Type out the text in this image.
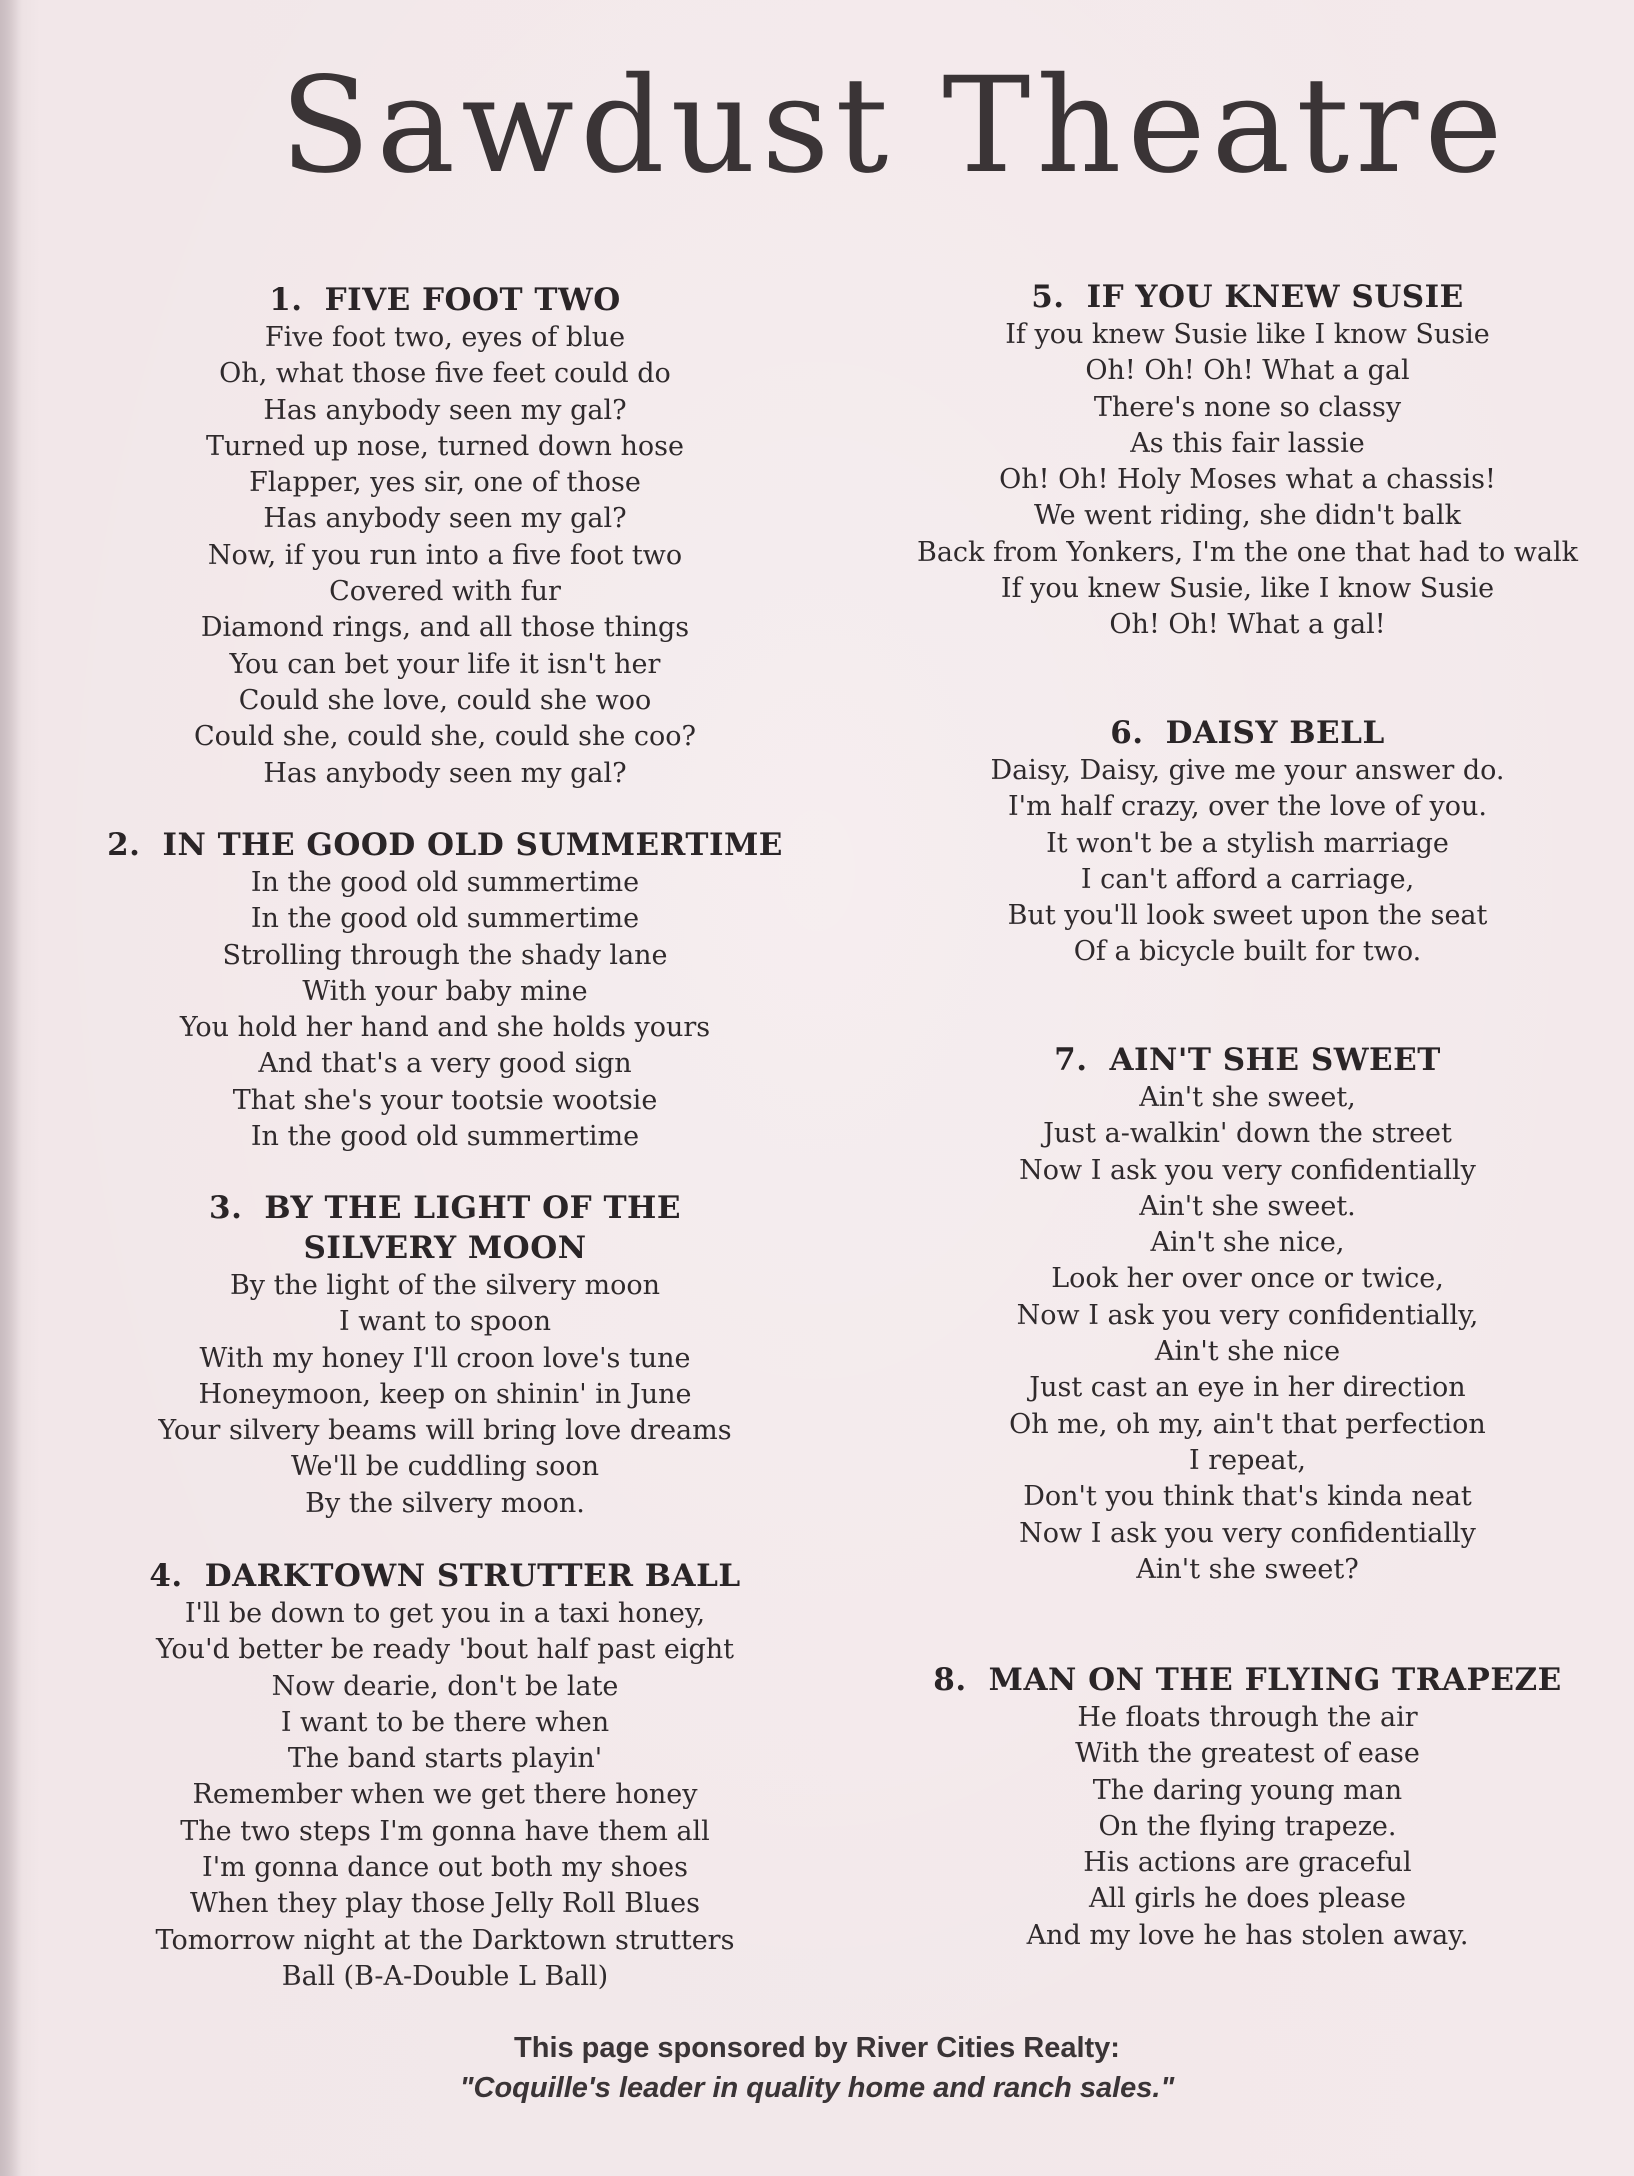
Sawdust Theatre
1. FIVE FOOT TWO
Five foot two, eyes of blue
Oh, what those five feet could do
Has anybody seen my gal?
Turned up nose, turned down hose
Flapper, yes sir, one of those
Has anybody seen my gal?
Now, if you run into a five foot two
Covered with fur
Diamond rings, and all those things
You can bet your life it isn't her
Could she love, could she woo
Could she, could she, could she coo?
Has anybody seen my gal?
2. IN THE GOOD OLD SUMMERTIME
In the good old summertime
In the good old summertime
Strolling through the shady lane
With your baby mine
You hold her hand and she holds yours
And that's a very good sign
That she's your tootsie wootsie
In the good old summertime
3. BY THE LIGHT OF THE
SILVERY MOON
By the light of the silvery moon
I want to spoon
With my honey I'll croon love's tune
Honeymoon, keep on shinin' in June
Your silvery beams will bring love dreams
We'll be cuddling soon
By the silvery moon.
4. DARKTOWN STRUTTER BALL
I'll be down to get you in a taxi honey,
You'd better be ready 'bout half past eight
Now dearie, don't be late
I want to be there when
The band starts playin'
Remember when we get there honey
The two steps I'm gonna have them all
I'm gonna dance out both my shoes
When they play those Jelly Roll Blues
Tomorrow night at the Darktown strutters
Ball (B-A-Double L Ball)
5. IF YOU KNEW SUSIE
If you knew Susie like I know Susie
Oh! Oh! Oh! What a gal
There's none so classy
As this fair lassie
Oh! Oh! Holy Moses what a chassis!
We went riding, she didn't balk
Back from Yonkers, I'm the one that had to walk
If you knew Susie, like I know Susie
Oh! Oh! What a gal!
6. DAISY BELL
Daisy, Daisy, give me your answer do.
I'm half crazy, over the love of you.
It won't be a stylish marriage
I can't afford a carriage,
But you'll look sweet upon the seat
Of a bicycle built for two.
7. AIN'T SHE SWEET
Ain't she sweet,
Just a-walkin' down the street
Now I ask you very confidentially
Ain't she sweet.
Ain't she nice,
Look her over once or twice,
Now I ask you very confidentially,
Ain't she nice
Just cast an eye in her direction
Oh me, oh my, ain't that perfection
I repeat,
Don't you think that's kinda neat
Now I ask you very confidentially
Ain't she sweet?
8. MAN ON THE FLYING TRAPEZE
He floats through the air
With the greatest of ease
The daring young man
On the flying trapeze.
His actions are graceful
All girls he does please
And my love he has stolen away.
This page sponsored by River Cities Realty:
"Coquille's leader in quality home and ranch sales."
